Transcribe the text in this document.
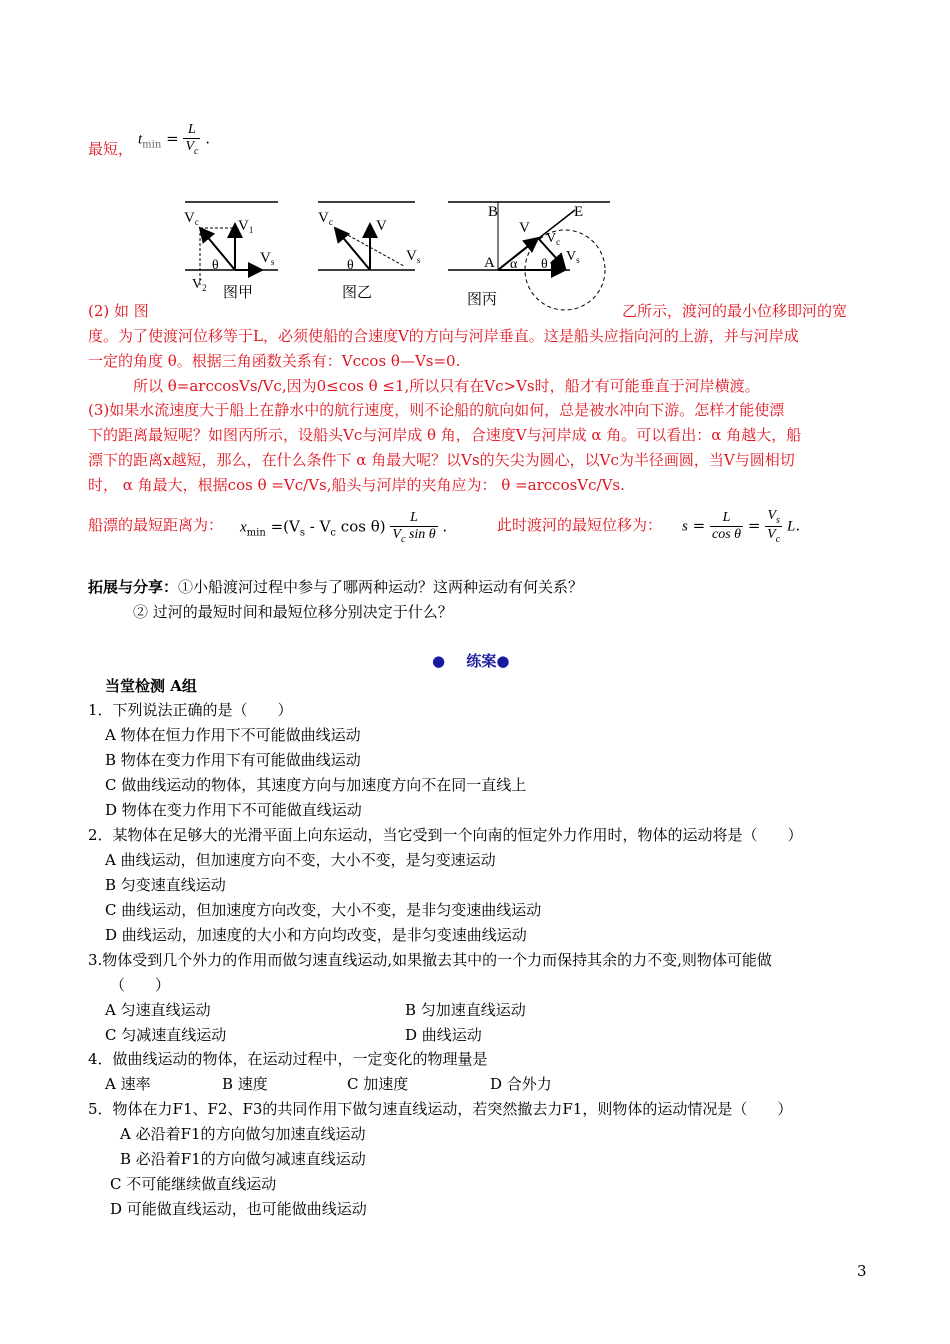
最短，
$t_{min} = \frac{L}{V_c}$ .
$V_c$	$V_1$
$V_s$
$V_2$
θ
图甲
$V_c$	V
$V_s$
θ
图乙
B	E
A
V
$V_c$
$V_s$
α θ
图丙
(2) 如 图	乙所示，渡河的最小位移即河的宽
度。为了使渡河位移等于L，必须使船的合速度V的方向与河岸垂直。这是船头应指向河的上游，并与河岸成
一定的角度 θ。根据三角函数关系有：Vccos θ—Vs=0.
所以 θ=arccosVs/Vc,因为0≤cos θ ≤1,所以只有在Vc>Vs时，船才有可能垂直于河岸横渡。
(3)如果水流速度大于船上在静水中的航行速度，则不论船的航向如何，总是被水冲向下游。怎样才能使漂
下的距离最短呢？如图丙所示，设船头Vc与河岸成 θ 角，合速度V与河岸成 α 角。可以看出：α 角越大，船
漂下的距离x越短，那么，在什么条件下 α 角最大呢？以Vs的矢尖为圆心，以Vc为半径画圆，当V与圆相切
时， α 角最大，根据cos θ =Vc/Vs,船头与河岸的夹角应为： θ =arccosVc/Vs.
船漂的最短距离为： $x_{min} =(V_s - V_c$ $\cos \theta) \frac{L}{V_c \sin \theta}$ .	此时渡河的最短位移为： $s = \frac{L}{\text{cos θ}} = \frac{V_s}{V_c} L$.
拓展与分享：①小船渡河过程中参与了哪两种运动？这两种运动有何关系？
② 过河的最短时间和最短位移分别决定于什么？
● 练案●
当堂检测 A组
1．下列说法正确的是（　　）
A 物体在恒力作用下不可能做曲线运动
B 物体在变力作用下有可能做曲线运动
C 做曲线运动的物体，其速度方向与加速度方向不在同一直线上
D 物体在变力作用下不可能做直线运动
2．某物体在足够大的光滑平面上向东运动，当它受到一个向南的恒定外力作用时，物体的运动将是（　　）
A 曲线运动，但加速度方向不变，大小不变，是匀变速运动
B 匀变速直线运动
C 曲线运动，但加速度方向改变，大小不变，是非匀变速曲线运动
D 曲线运动，加速度的大小和方向均改变，是非匀变速曲线运动
3.物体受到几个外力的作用而做匀速直线运动,如果撤去其中的一个力而保持其余的力不变,则物体可能做
（　　）
A 匀速直线运动	B 匀加速直线运动
C 匀减速直线运动	D 曲线运动
4．做曲线运动的物体，在运动过程中，一定变化的物理量是
A 速率	B 速度	C 加速度	D 合外力
5．物体在力F1、F2、F3的共同作用下做匀速直线运动，若突然撤去力F1，则物体的运动情况是（　　）
A 必沿着F1的方向做匀加速直线运动
B 必沿着F1的方向做匀减速直线运动
C 不可能继续做直线运动
D 可能做直线运动，也可能做曲线运动
3
